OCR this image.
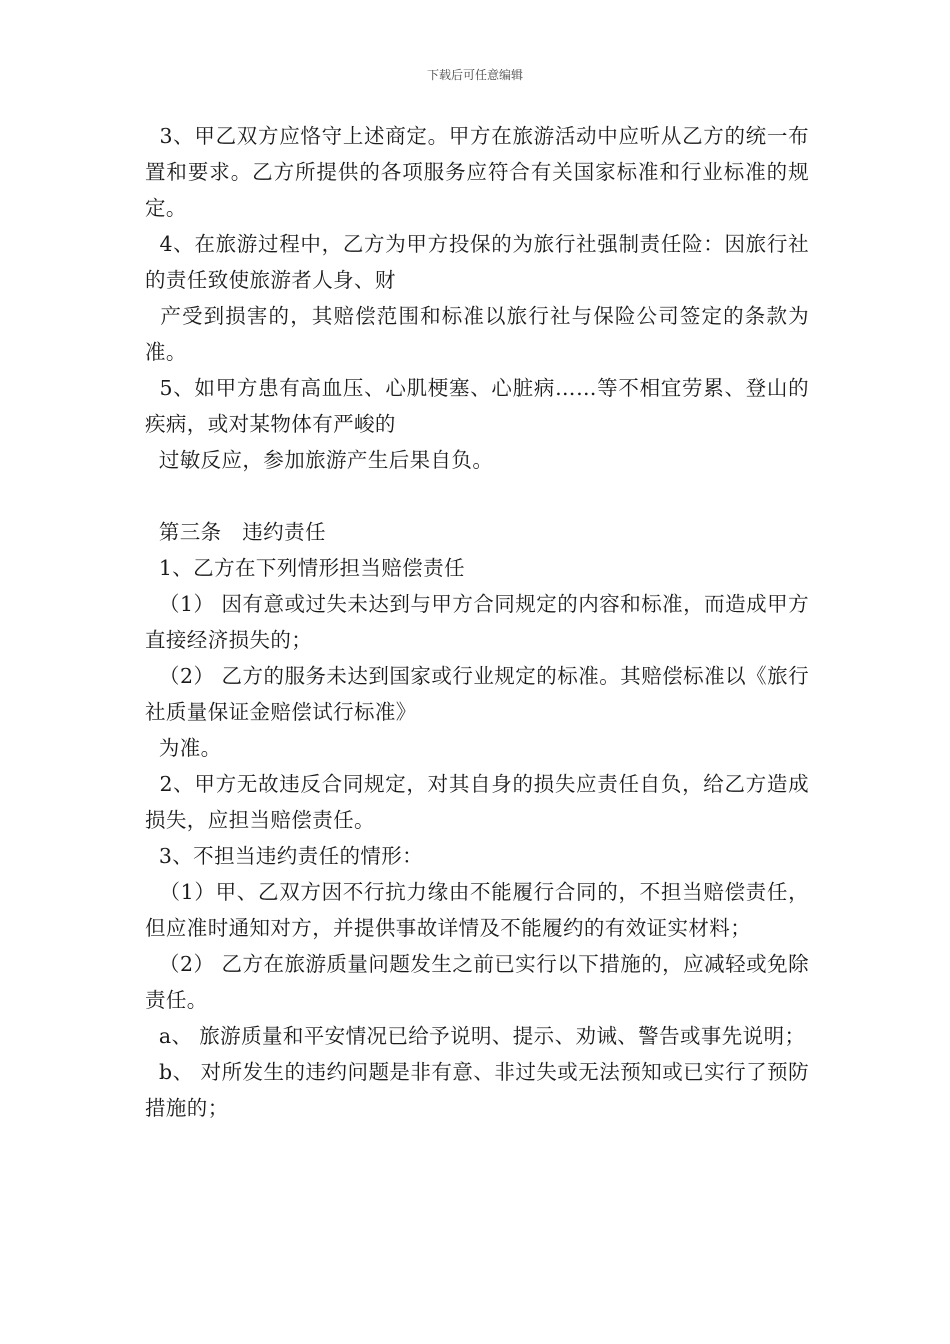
下载后可任意编辑

3、甲乙双方应恪守上述商定。甲方在旅游活动中应听从乙方的统一布置和要求。乙方所提供的各项服务应符合有关国家标准和行业标准的规定。

4、在旅游过程中，乙方为甲方投保的为旅行社强制责任险：因旅行社的责任致使旅游者人身、财

产受到损害的，其赔偿范围和标准以旅行社与保险公司签定的条款为准。

5、如甲方患有高血压、心肌梗塞、心脏病……等不相宜劳累、登山的疾病，或对某物体有严峻的

过敏反应，参加旅游产生后果自负。

第三条   违约责任

1、乙方在下列情形担当赔偿责任

（1） 因有意或过失未达到与甲方合同规定的内容和标准，而造成甲方直接经济损失的；

（2） 乙方的服务未达到国家或行业规定的标准。其赔偿标准以《旅行社质量保证金赔偿试行标准》

为准。

2、甲方无故违反合同规定，对其自身的损失应责任自负，给乙方造成损失，应担当赔偿责任。

3、不担当违约责任的情形：

（1）甲、乙双方因不行抗力缘由不能履行合同的，不担当赔偿责任，但应准时通知对方，并提供事故详情及不能履约的有效证实材料；

（2） 乙方在旅游质量问题发生之前已实行以下措施的，应减轻或免除责任。

a、 旅游质量和平安情况已给予说明、提示、劝诫、警告或事先说明；

b、 对所发生的违约问题是非有意、非过失或无法预知或已实行了预防措施的；
